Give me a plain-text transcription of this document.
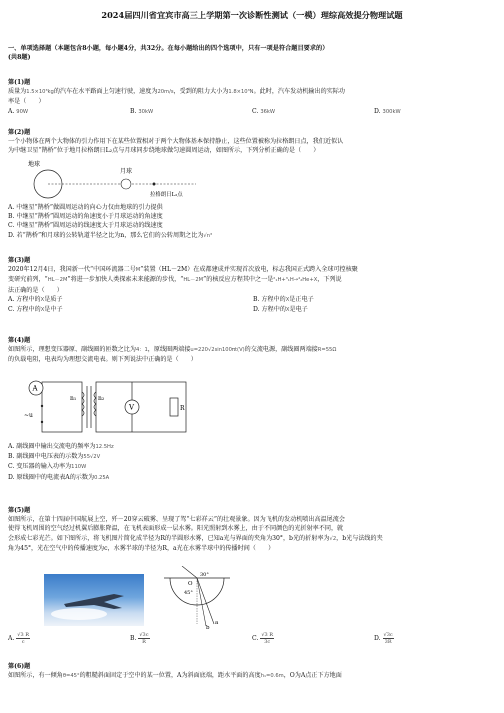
2024届四川省宜宾市高三上学期第一次诊断性测试（一模）理综高效提分物理试题
一、单项选择题（本题包含8小题，每小题4分，共32分。在每小题给出的四个选项中，只有一项是符合题目要求的）
(共8题)
第(1)题
质量为1.5×10³kg的汽车在水平路面上匀速行驶，速度为20m/s，受到的阻力大小为1.8×10³N。此时，汽车发动机输出的实际功
率是（　　）
A. 90W	B. 30kW	C. 36kW	D. 300kW
第(2)题
一个小物体在两个大物体的引力作用下在某些位置相对于两个大物体基本保持静止，这些位置被称为拉格朗日点，我们近似认
为中继卫星“鹊桥”位于地月拉格朗日L₂点与月球同步绕地球做匀速圆周运动，如图所示，下列分析正确的是（　　）
地球
月球
拉格朗日L₂点
A. 中继星“鹊桥”做圆周运动的向心力仅由地球的引力提供
B. 中继星“鹊桥”圆周运动的角速度小于月球运动的角速度
C. 中继星“鹊桥”圆周运动的线速度大于月球运动的线速度
D. 若“鹊桥”和月球的公转轨道半径之比为n，那么它们的公转周期之比为√n³
第(3)题
2020年12月4日，我国新一代“中国环流器二号M”装置（HL－2M）在成都建成并实现首次放电，标志我国正式跨入全球可控核聚
变研究前列，“HL－2M”将进一步加快人类探索未来能源的步伐，“HL－2M”的核反应方程其中之一是²₁H+³₁H→⁴₂He+X，下列说
法正确的是（　　）
A. 方程中的X是质子	B. 方程中的X是正电子
C. 方程中的X是中子	D. 方程中的X是电子
第(4)题
如图所示，理想变压器原、副线圈的匝数之比为4：1，原线圈两端接u=220√2sin100πt(V)的交流电源，副线圈两端接R=55Ω
的负载电阻，电表均为理想交流电表。则下列说法中正确的是（　　）
A
~u
n₁	n₂
V	R
A. 副线圈中输出交流电的频率为12.5Hz
B. 副线圈中电压表的示数为55√2V
C. 变压器的输入功率为110W
D. 原线圈中的电流表A的示数为0.25A
第(5)题
如图所示，在第十四届中国航展上空，歼－20穿云破雾、呈现了驾“七彩祥云”的壮观景象。因为飞机的发动机喷出高温尾流会
使得飞机周围的空气经过机翼后膨胀降温，在飞机表面形成一层水雾。阳光照射到水雾上，由于不同颜色的光折射率不同，就
会形成七彩光芒。如下图所示，将飞机图片简化成半径为R的半圆形水雾，已知a光与界面的夹角为30°，b光的折射率为√2，b光与法线的夹
角为45°，光在空气中的传播速度为c，水雾半球的半径为R，a光在水雾半球中的传播时间（　　）
O
30°
45°
a
b
A. $\frac{√3 R}{c}$	B. $\frac{√3c}{R}$	C. $\frac{√3 R}{3c}$	D. $\frac{√3c}{3R}$
第(6)题
如图所示，有一倾角θ=45°的粗糙斜面固定于空中的某一位置，A为斜面底端，距水平面的高度h₁=0.6m，O为A点正下方地面
